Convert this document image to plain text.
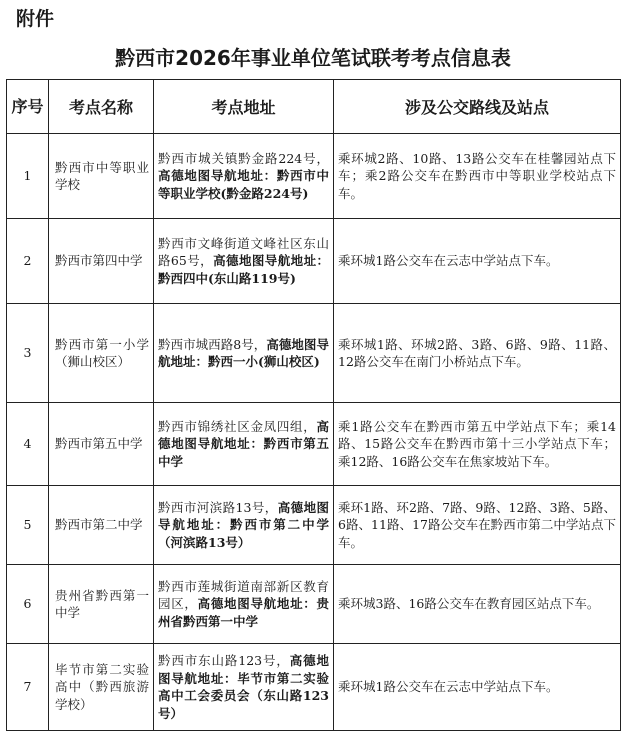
附件
黔西市2026年事业单位笔试联考考点信息表
序号	考点名称	考点地址	涉及公交路线及站点
1	黔西市中等职业学校	黔西市城关镇黔金路224号，高德地图导航地址：黔西市中等职业学校(黔金路224号)	乘环城2路、10路、13路公交车在桂馨园站点下车；乘2路公交车在黔西市中等职业学校站点下车。
2	黔西市第四中学	黔西市文峰街道文峰社区东山路65号，高德地图导航地址：黔西四中(东山路119号)	乘环城1路公交车在云志中学站点下车。
3	黔西市第一小学（狮山校区）	黔西市城西路8号，高德地图导航地址：黔西一小(狮山校区)	乘环城1路、环城2路、3路、6路、9路、11路、12路公交车在南门小桥站点下车。
4	黔西市第五中学	黔西市锦绣社区金凤四组，高德地图导航地址：黔西市第五中学	乘1路公交车在黔西市第五中学站点下车；乘14路、15路公交车在黔西市第十三小学站点下车；乘12路、16路公交车在焦家坡站下车。
5	黔西市第二中学	黔西市河滨路13号，高德地图导航地址：黔西市第二中学（河滨路13号）	乘环1路、环2路、7路、9路、12路、3路、5路、6路、11路、17路公交车在黔西市第二中学站点下车。
6	贵州省黔西第一中学	黔西市莲城街道南部新区教育园区，高德地图导航地址：贵州省黔西第一中学	乘环城3路、16路公交车在教育园区站点下车。
7	毕节市第二实验高中（黔西旅游学校）	黔西市东山路123号，高德地图导航地址：毕节市第二实验高中工会委员会（东山路123号）	乘环城1路公交车在云志中学站点下车。
